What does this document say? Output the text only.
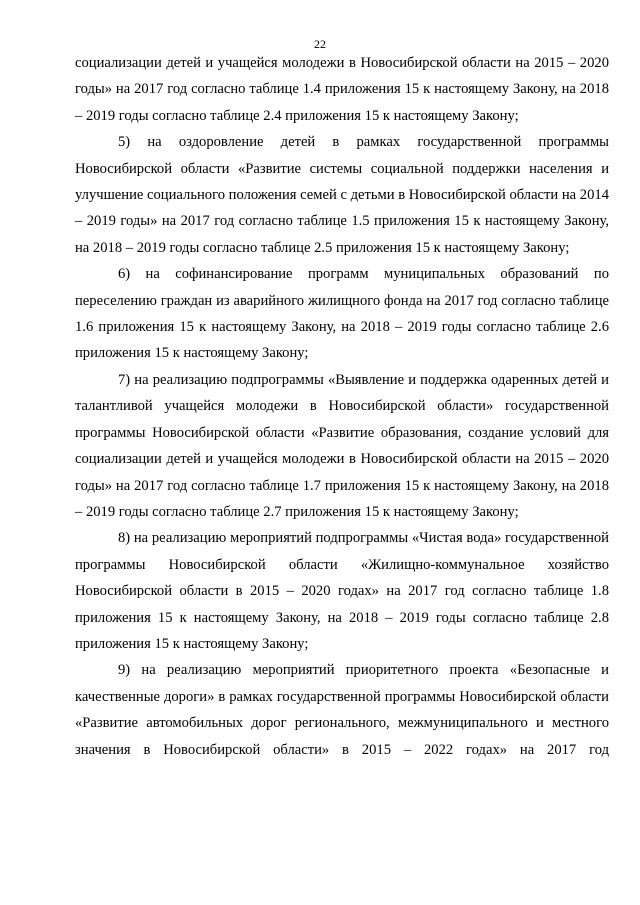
22

социализации детей и учащейся молодежи в Новосибирской области на 2015 – 2020 годы» на 2017 год согласно таблице 1.4 приложения 15 к настоящему Закону, на 2018 – 2019 годы согласно таблице 2.4 приложения 15 к настоящему Закону;

5) на оздоровление детей в рамках государственной программы Новосибирской области «Развитие системы социальной поддержки населения и улучшение социального положения семей с детьми в Новосибирской области на 2014 – 2019 годы» на 2017 год согласно таблице 1.5 приложения 15 к настоящему Закону, на 2018 – 2019 годы согласно таблице 2.5 приложения 15 к настоящему Закону;

6) на софинансирование программ муниципальных образований по переселению граждан из аварийного жилищного фонда на 2017 год согласно таблице 1.6 приложения 15 к настоящему Закону, на 2018 – 2019 годы согласно таблице 2.6 приложения 15 к настоящему Закону;

7) на реализацию подпрограммы «Выявление и поддержка одаренных детей и талантливой учащейся молодежи в Новосибирской области» государственной программы Новосибирской области «Развитие образования, создание условий для социализации детей и учащейся молодежи в Новосибирской области на 2015 – 2020 годы» на 2017 год согласно таблице 1.7 приложения 15 к настоящему Закону, на 2018 – 2019 годы согласно таблице 2.7 приложения 15 к настоящему Закону;

8) на реализацию мероприятий подпрограммы «Чистая вода» государственной программы Новосибирской области «Жилищно-коммунальное хозяйство Новосибирской области в 2015 – 2020 годах» на 2017 год согласно таблице 1.8 приложения 15 к настоящему Закону, на 2018 – 2019 годы согласно таблице 2.8 приложения 15 к настоящему Закону;

9) на реализацию мероприятий приоритетного проекта «Безопасные и качественные дороги» в рамках государственной программы Новосибирской области «Развитие автомобильных дорог регионального, межмуниципального и местного значения в Новосибирской области» в 2015 – 2022 годах» на 2017 год
